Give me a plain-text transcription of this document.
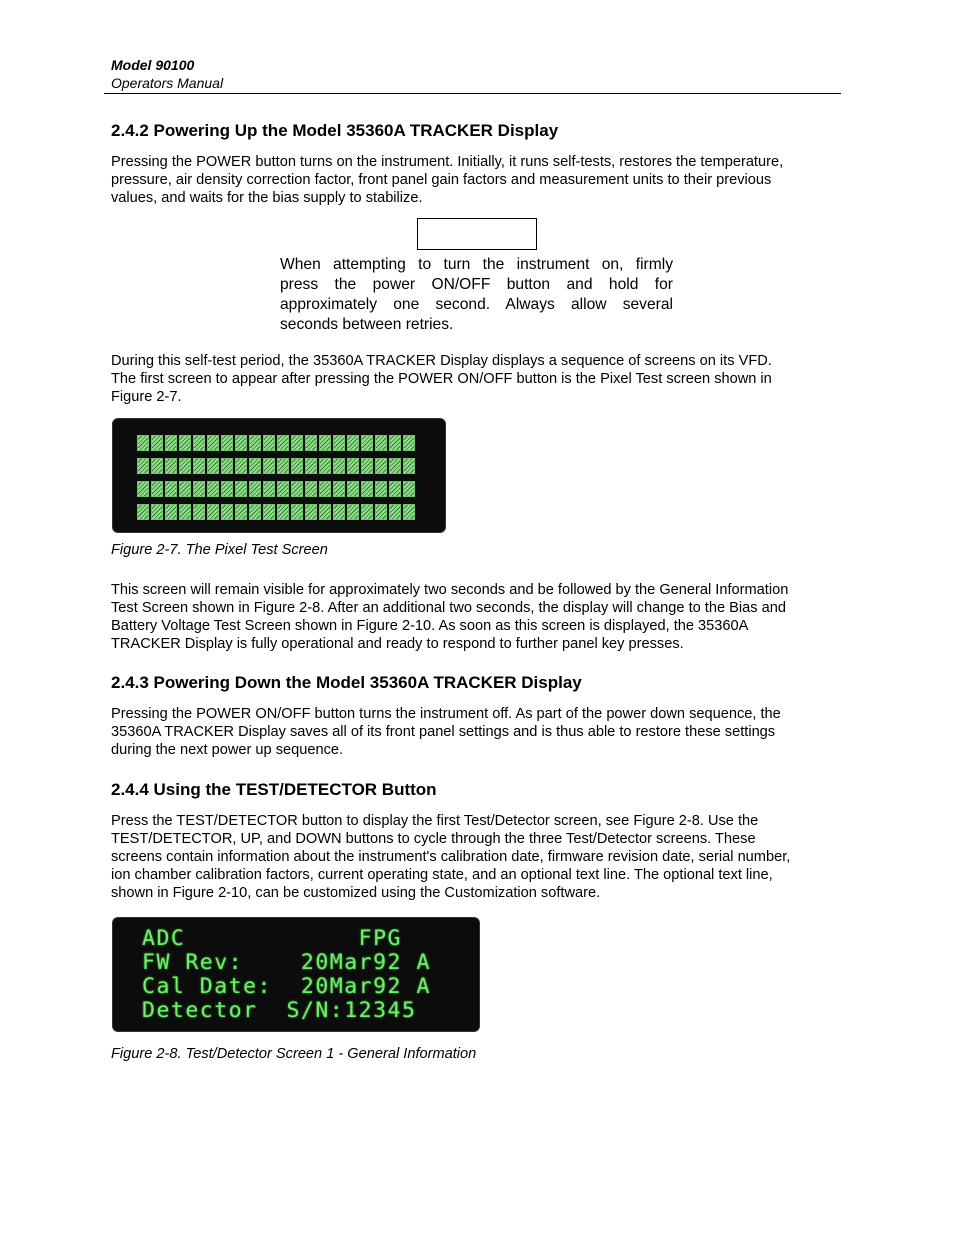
Model 90100
Operators Manual
2.4.2 Powering Up the Model 35360A TRACKER Display
Pressing the POWER button turns on the instrument. Initially, it runs self-tests, restores the temperature,
pressure, air density correction factor, front panel gain factors and measurement units to their previous
values, and waits for the bias supply to stabilize.
When attempting to turn the instrument on, firmly
press the power ON/OFF button and hold for
approximately one second. Always allow several
seconds between retries.
During this self-test period, the 35360A TRACKER Display displays a sequence of screens on its VFD.
The first screen to appear after pressing the POWER ON/OFF button is the Pixel Test screen shown in
Figure 2-7.
Figure 2-7. The Pixel Test Screen
This screen will remain visible for approximately two seconds and be followed by the General Information
Test Screen shown in Figure 2-8. After an additional two seconds, the display will change to the Bias and
Battery Voltage Test Screen shown in Figure 2-10. As soon as this screen is displayed, the 35360A
TRACKER Display is fully operational and ready to respond to further panel key presses.
2.4.3 Powering Down the Model 35360A TRACKER Display
Pressing the POWER ON/OFF button turns the instrument off. As part of the power down sequence, the
35360A TRACKER Display saves all of its front panel settings and is thus able to restore these settings
during the next power up sequence.
2.4.4 Using the TEST/DETECTOR Button
Press the TEST/DETECTOR button to display the first Test/Detector screen, see Figure 2-8. Use the
TEST/DETECTOR, UP, and DOWN buttons to cycle through the three Test/Detector screens. These
screens contain information about the instrument's calibration date, firmware revision date, serial number,
ion chamber calibration factors, current operating state, and an optional text line. The optional text line,
shown in Figure 2-10, can be customized using the Customization software.
ADC            FPG
FW Rev:    20Mar92 A
Cal Date:  20Mar92 A
Detector  S/N:12345
Figure 2-8. Test/Detector Screen 1 - General Information
